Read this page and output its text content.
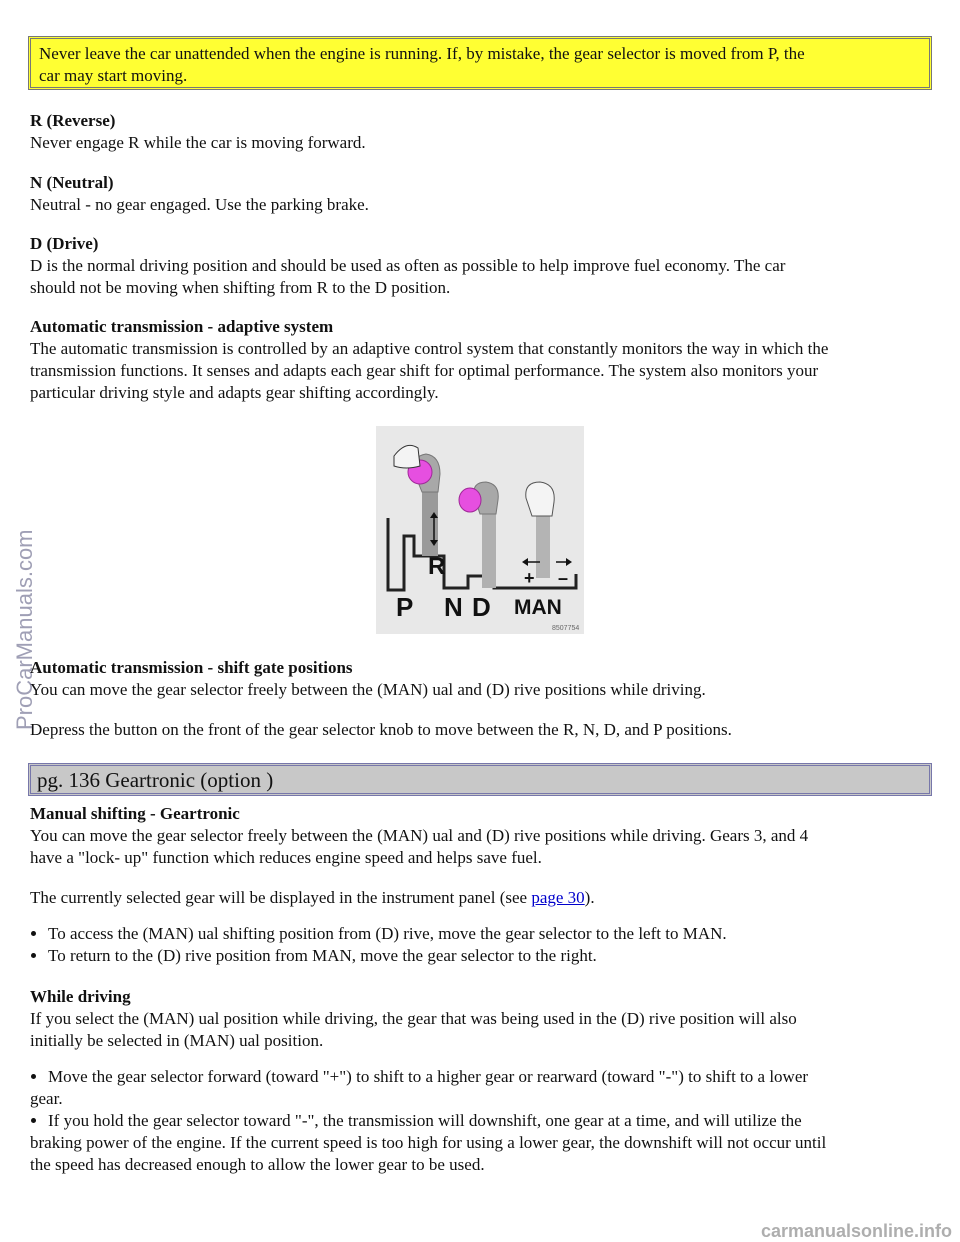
Never leave the car unattended when the engine is running. If, by mistake, the gear selector is moved from P, the

car may start moving.

R (Reverse)
Never engage R while the car is moving forward.
N (Neutral)
Neutral - no gear engaged. Use the parking brake.
D (Drive)
D is the normal driving position and should be used as often as possible to help improve fuel economy. The car
should not be moving when shifting from R to the D position.
Automatic transmission - adaptive system
The automatic transmission is controlled by an adaptive control system that constantly monitors the way in which the
transmission functions. It senses and adapts each gear shift for optimal performance. The system also monitors your
particular driving style and adapts gear shifting accordingly.
R	+ –
P N D MAN
8507754
Automatic transmission - shift gate positions
You can move the gear selector freely between the (MAN) ual and (D) rive positions while driving.
Depress the button on the front of the gear selector knob to move between the R, N, D, and P positions.
pg. 136 Geartronic (option )
Manual shifting - Geartronic
You can move the gear selector freely between the (MAN) ual and (D) rive positions while driving. Gears 3, and 4
have a "lock- up" function which reduces engine speed and helps save fuel.
The currently selected gear will be displayed in the instrument panel (see page 30).
• To access the (MAN) ual shifting position from (D) rive, move the gear selector to the left to MAN.
• To return to the (D) rive position from MAN, move the gear selector to the right.
While driving
If you select the (MAN) ual position while driving, the gear that was being used in the (D) rive position will also
initially be selected in (MAN) ual position.
• Move the gear selector forward (toward "+") to shift to a higher gear or rearward (toward "-") to shift to a lower
gear.
• If you hold the gear selector toward "-", the transmission will downshift, one gear at a time, and will utilize the
braking power of the engine. If the current speed is too high for using a lower gear, the downshift will not occur until
the speed has decreased enough to allow the lower gear to be used.
ProCarManuals.com
carmanualsonline.info
